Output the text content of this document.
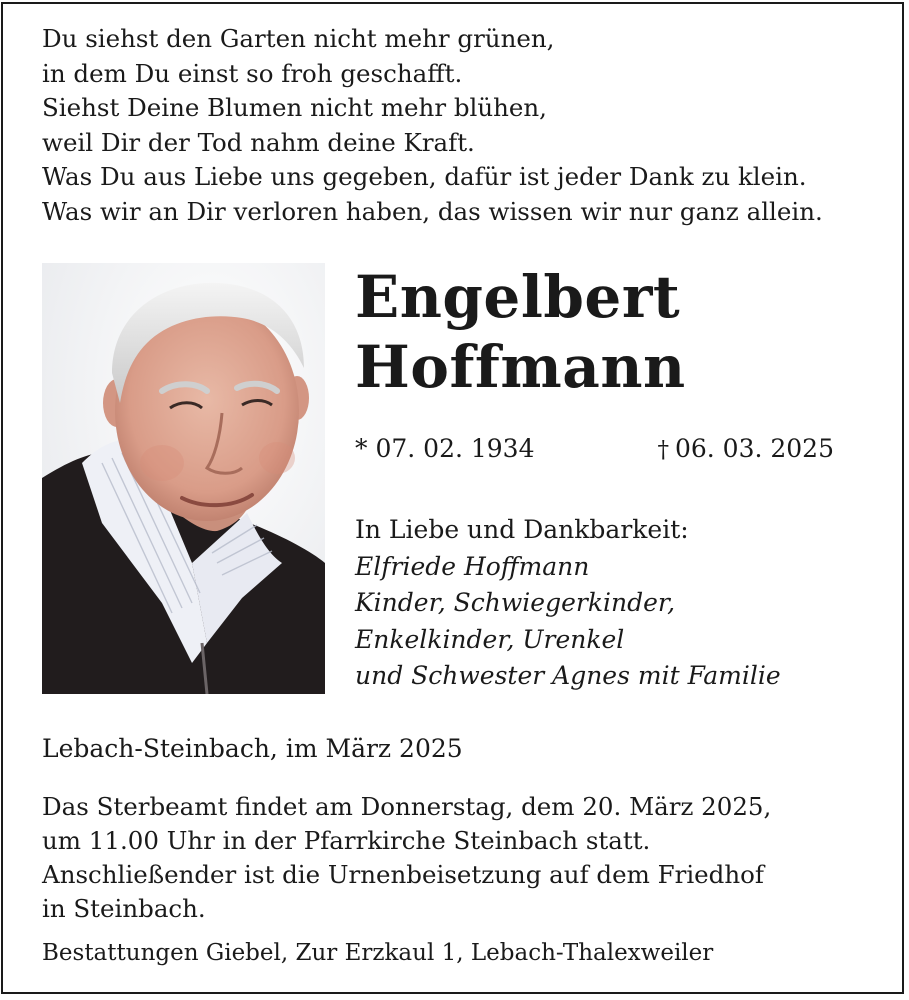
Du siehst den Garten nicht mehr grünen,
in dem Du einst so froh geschafft.
Siehst Deine Blumen nicht mehr blühen,
weil Dir der Tod nahm deine Kraft.
Was Du aus Liebe uns gegeben, dafür ist jeder Dank zu klein.
Was wir an Dir verloren haben, das wissen wir nur ganz allein.
Engelbert
Hoffmann
* 07. 02. 1934	† 06. 03. 2025
In Liebe und Dankbarkeit:
Elfriede Hoffmann
Kinder, Schwiegerkinder,
Enkelkinder, Urenkel
und Schwester Agnes mit Familie
Lebach-Steinbach, im März 2025
Das Sterbeamt findet am Donnerstag, dem 20. März 2025,
um 11.00 Uhr in der Pfarrkirche Steinbach statt.
Anschließender ist die Urnenbeisetzung auf dem Friedhof
in Steinbach.
Bestattungen Giebel, Zur Erzkaul 1, Lebach-Thalexweiler
